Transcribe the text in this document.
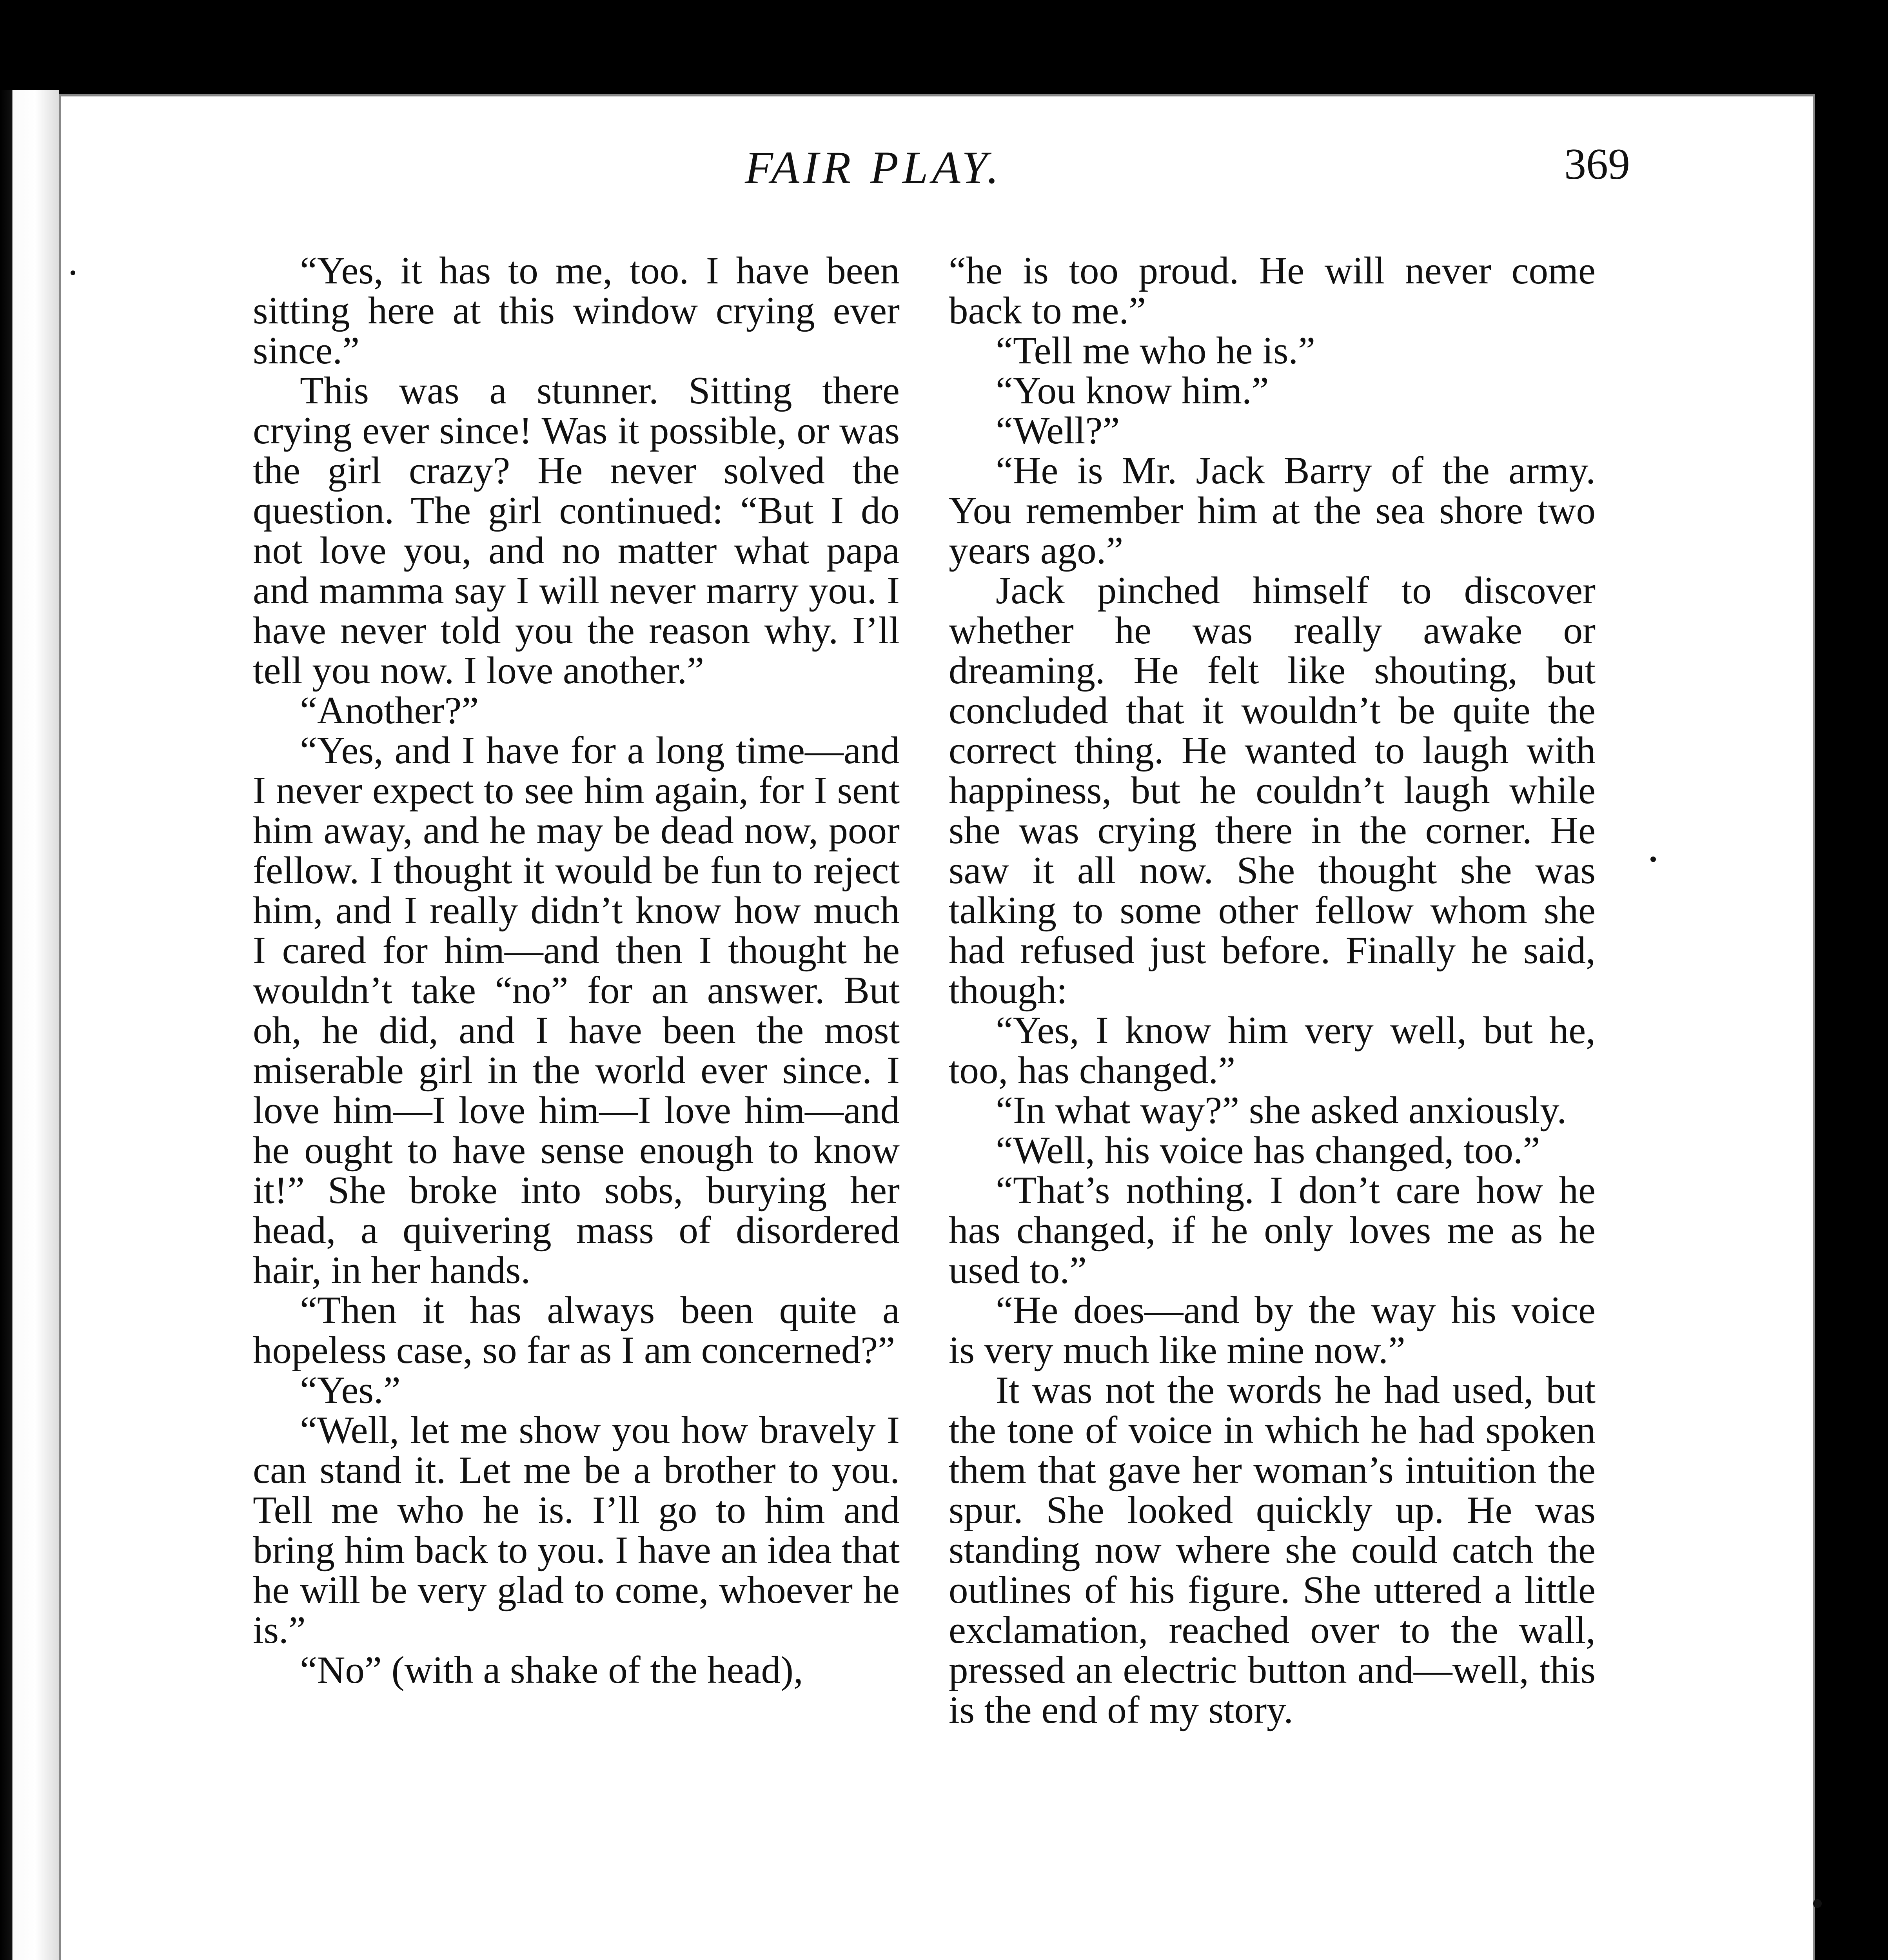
FAIR PLAY.	369

“Yes, it has to me, too. I have been sitting here at this window crying ever since.”

This was a stunner. Sitting there crying ever since! Was it possible, or was the girl crazy? He never solved the question. The girl continued: “But I do not love you, and no matter what papa and mamma say I will never marry you. I have never told you the reason why. I’ll tell you now. I love another.”

“Another?”

“Yes, and I have for a long time—and I never expect to see him again, for I sent him away, and he may be dead now, poor fellow. I thought it would be fun to reject him, and I really didn’t know how much I cared for him—and then I thought he wouldn’t take “no” for an answer. But oh, he did, and I have been the most miserable girl in the world ever since. I love him—I love him—I love him—and he ought to have sense enough to know it!” She broke into sobs, burying her head, a quivering mass of disordered hair, in her hands.

“Then it has always been quite a hopeless case, so far as I am concerned?”

“Yes.”

“Well, let me show you how bravely I can stand it. Let me be a brother to you. Tell me who he is. I’ll go to him and bring him back to you. I have an idea that he will be very glad to come, whoever he is.”

“No” (with a shake of the head),

“he is too proud. He will never come back to me.”

“Tell me who he is.”

“You know him.”

“Well?”

“He is Mr. Jack Barry of the army. You remember him at the sea shore two years ago.”

Jack pinched himself to discover whether he was really awake or dreaming. He felt like shouting, but concluded that it wouldn’t be quite the correct thing. He wanted to laugh with happiness, but he couldn’t laugh while she was crying there in the corner. He saw it all now. She thought she was talking to some other fellow whom she had refused just before. Finally he said, though:

“Yes, I know him very well, but he, too, has changed.”

“In what way?” she asked anxiously.

“Well, his voice has changed, too.”

“That’s nothing. I don’t care how he has changed, if he only loves me as he used to.”

“He does—and by the way his voice is very much like mine now.”

It was not the words he had used, but the tone of voice in which he had spoken them that gave her woman’s intuition the spur. She looked quickly up. He was standing now where she could catch the outlines of his figure. She uttered a little exclamation, reached over to the wall, pressed an electric button and—well, this is the end of my story.
